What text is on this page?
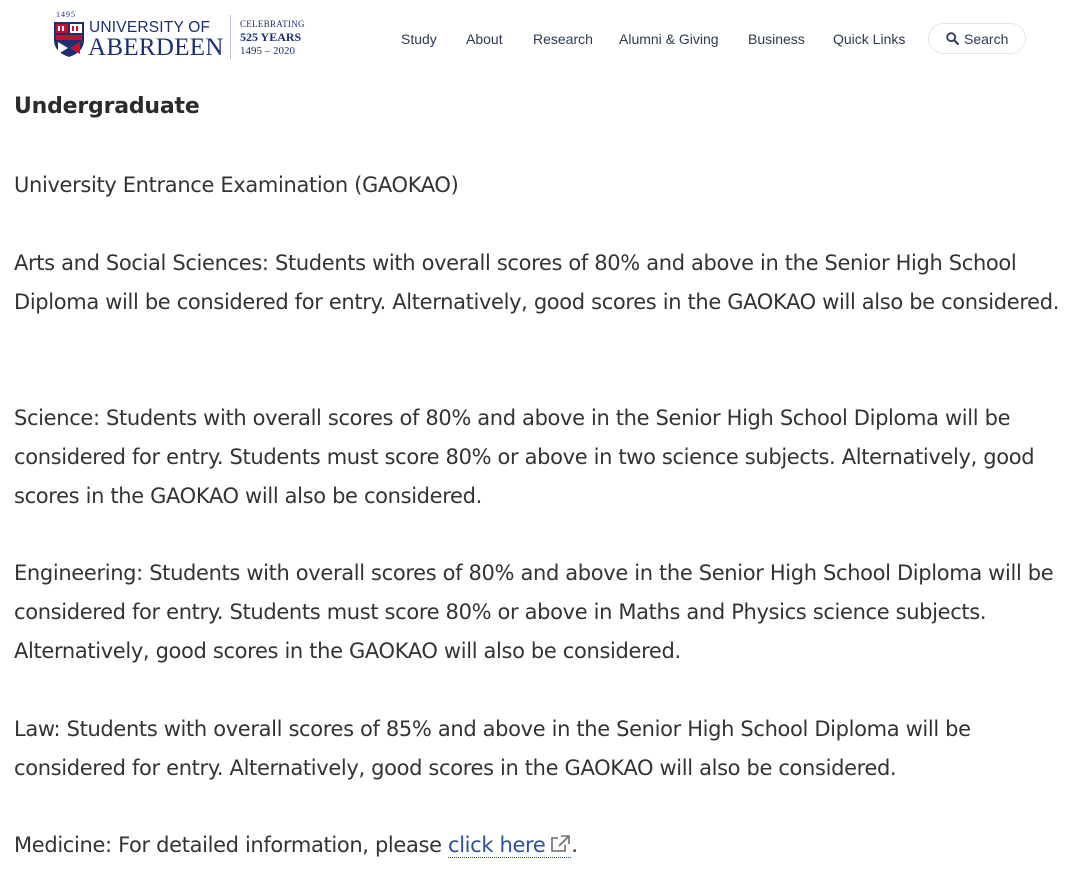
1495
UNIVERSITY OF
ABERDEEN
CELEBRATING
525 YEARS
1495 – 2020
Study About Research Alumni & Giving Business Quick Links	Search
Undergraduate

University Entrance Examination (GAOKAO)

Arts and Social Sciences: Students with overall scores of 80% and above in the Senior High School Diploma will be considered for entry. Alternatively, good scores in the GAOKAO will also be considered.

Science: Students with overall scores of 80% and above in the Senior High School Diploma will be considered for entry. Students must score 80% or above in two science subjects. Alternatively, good scores in the GAOKAO will also be considered.

Engineering: Students with overall scores of 80% and above in the Senior High School Diploma will be considered for entry. Students must score 80% or above in Maths and Physics science subjects. Alternatively, good scores in the GAOKAO will also be considered.

Law: Students with overall scores of 85% and above in the Senior High School Diploma will be considered for entry. Alternatively, good scores in the GAOKAO will also be considered.

Medicine: For detailed information, please click here .
